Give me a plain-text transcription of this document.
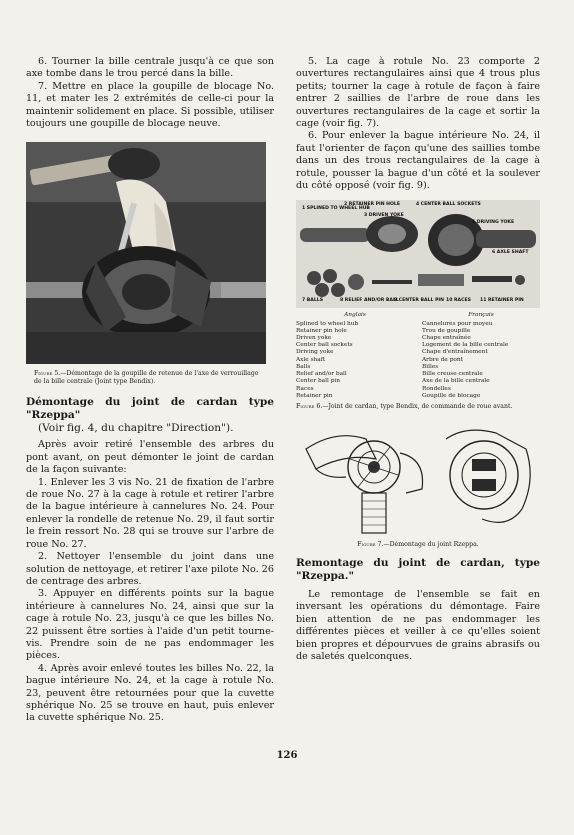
6. Tourner la bille centrale jusqu'à ce que son axe tombe dans le trou percé dans la bille.

7. Mettre en place la goupille de blocage No. 11, et mater les 2 extrémités de celle-ci pour la maintenir solidement en place. Si possible, utiliser toujours une goupille de blocage neuve.

Figure 5.—Démontage de la goupille de retenue de l'axe de verrouillage de la bille centrale (Joint type Bendix).

Démontage du joint de cardan type "Rzeppa"

(Voir fig. 4, du chapitre "Direction").

Après avoir retiré l'ensemble des arbres du pont avant, on peut démonter le joint de cardan de la façon suivante:

1. Enlever les 3 vis No. 21 de fixation de l'arbre de roue No. 27 à la cage à rotule et retirer l'arbre de la bague intérieure à cannelures No. 24. Pour enlever la rondelle de retenue No. 29, il faut sortir le frein ressort No. 28 qui se trouve sur l'arbre de roue No. 27.

2. Nettoyer l'ensemble du joint dans une solution de nettoyage, et retirer l'axe pilote No. 26 de centrage des arbres.

3. Appuyer en différents points sur la bague intérieure à cannelures No. 24, ainsi que sur la cage à rotule No. 23, jusqu'à ce que les billes No. 22 puissent être sorties à l'aide d'un petit tourne-vis. Prendre soin de ne pas endommager les pièces.

4. Après avoir enlevé toutes les billes No. 22, la bague intérieure No. 24, et la cage à rotule No. 23, peuvent être retournées pour que la cuvette sphérique No. 25 se trouve en haut, puis enlever la cuvette sphérique No. 25.

5. La cage à rotule No. 23 comporte 2 ouvertures rectangulaires ainsi que 4 trous plus petits; tourner la cage à rotule de façon à faire entrer 2 saillies de l'arbre de roue dans les ouvertures rectangulaires de la cage et sortir la cage (voir fig. 7).

6. Pour enlever la bague intérieure No. 24, il faut l'orienter de façon qu'une des saillies tombe dans un des trous rectangulaires de la cage à rotule, pousser la bague d'un côté et la soulever du côté opposé (voir fig. 9).

1 SPLINED TO WHEEL HUB
2 RETAINER PIN HOLE
3 DRIVEN YOKE
4 CENTER BALL SOCKETS
5 DRIVING YOKE
6 AXLE SHAFT
7 BALLS	8 RELIEF AND/OR BALL
9 CENTER BALL PIN 10 RACES 11 RETAINER PIN
Anglais
Splined to wheel hub
Retainer pin hole
Driven yoke
Center ball sockets
Driving yoke
Axle shaft
Balls
Relief and/or ball
Center ball pin
Races
Retainer pin
Français
Cannelures pour moyeu
Trou de goupille
Chape entraînée
Logement de la bille centrale
Chape d'entraînement
Arbre de pont
Billes
Bille creuse centrale
Axe de la bille centrale
Rondelles
Goupille de blocage

Figure 6.—Joint de cardan, type Bendix, de commande de roue avant.

Figure 7.—Démontage du joint Rzeppa.

Remontage du joint de cardan, type "Rzeppa."

Le remontage de l'ensemble se fait en inversant les opérations du démontage. Faire bien attention de ne pas endommager les différentes pièces et veiller à ce qu'elles soient bien propres et dépourvues de grains abrasifs ou de saletés quelconques.

126
